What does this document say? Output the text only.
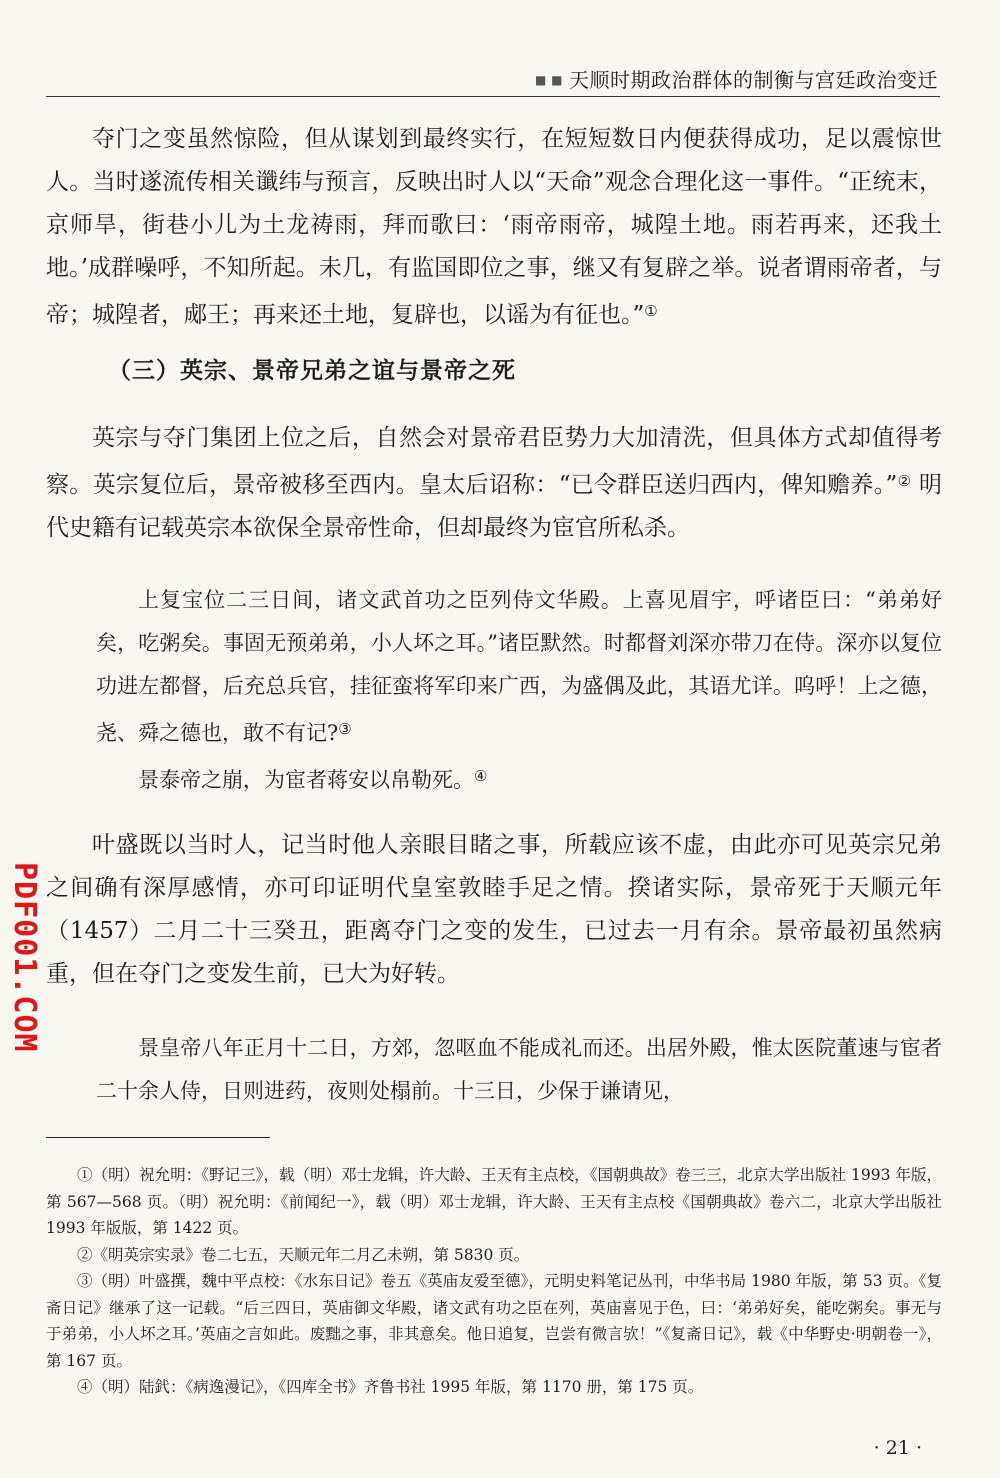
■ ■ 天顺时期政治群体的制衡与宫廷政治变迁

夺门之变虽然惊险，但从谋划到最终实行，在短短数日内便获得成功，足以震惊世人。当时遂流传相关谶纬与预言，反映出时人以“天命”观念合理化这一事件。“正统末，京师旱，街巷小儿为土龙祷雨，拜而歌曰：‘雨帝雨帝，城隍土地。雨若再来，还我土地。’成群噪呼，不知所起。未几，有监国即位之事，继又有复辟之举。说者谓雨帝者，与帝；城隍者，郕王；再来还土地，复辟也，以谣为有征也。”①

（三）英宗、景帝兄弟之谊与景帝之死

英宗与夺门集团上位之后，自然会对景帝君臣势力大加清洗，但具体方式却值得考察。英宗复位后，景帝被移至西内。皇太后诏称：“已令群臣送归西内，俾知赡养。”② 明代史籍有记载英宗本欲保全景帝性命，但却最终为宦官所私杀。

上复宝位二三日间，诸文武首功之臣列侍文华殿。上喜见眉宇，呼诸臣曰：“弟弟好矣，吃粥矣。事固无预弟弟，小人坏之耳。”诸臣默然。时都督刘深亦带刀在侍。深亦以复位功进左都督，后充总兵官，挂征蛮将军印来广西，为盛偶及此，其语尤详。呜呼！上之德，尧、舜之德也，敢不有记?③

景泰帝之崩，为宦者蒋安以帛勒死。④

叶盛既以当时人，记当时他人亲眼目睹之事，所载应该不虚，由此亦可见英宗兄弟之间确有深厚感情，亦可印证明代皇室敦睦手足之情。揆诸实际，景帝死于天顺元年（1457）二月二十三癸丑，距离夺门之变的发生，已过去一月有余。景帝最初虽然病重，但在夺门之变发生前，已大为好转。

景皇帝八年正月十二日，方郊，忽呕血不能成礼而还。出居外殿，惟太医院董速与宦者二十余人侍，日则进药，夜则处榻前。十三日，少保于谦请见，

①（明）祝允明：《野记三》，载（明）邓士龙辑，许大龄、王天有主点校，《国朝典故》卷三三，北京大学出版社 1993 年版，第 567—568 页。（明）祝允明：《前闻纪一》，载（明）邓士龙辑，许大龄、王天有主点校《国朝典故》卷六二，北京大学出版社 1993 年版版，第 1422 页。

②《明英宗实录》卷二七五，天顺元年二月乙未朔，第 5830 页。

③（明）叶盛撰，魏中平点校：《水东日记》卷五《英庙友爱至德》，元明史料笔记丛刊，中华书局 1980 年版，第 53 页。《复斋日记》继承了这一记载。“后三四日，英庙御文华殿，诸文武有功之臣在列，英庙喜见于色，曰：‘弟弟好矣，能吃粥矣。事无与于弟弟，小人坏之耳。’英庙之言如此。废黜之事，非其意矣。他日追复，岂尝有微言欤！”《复斋日记》，载《中华野史·明朝卷一》，第 167 页。

④（明）陆釴：《病逸漫记》，《四库全书》齐鲁书社 1995 年版，第 1170 册，第 175 页。

· 21 ·
PDF001.COM
